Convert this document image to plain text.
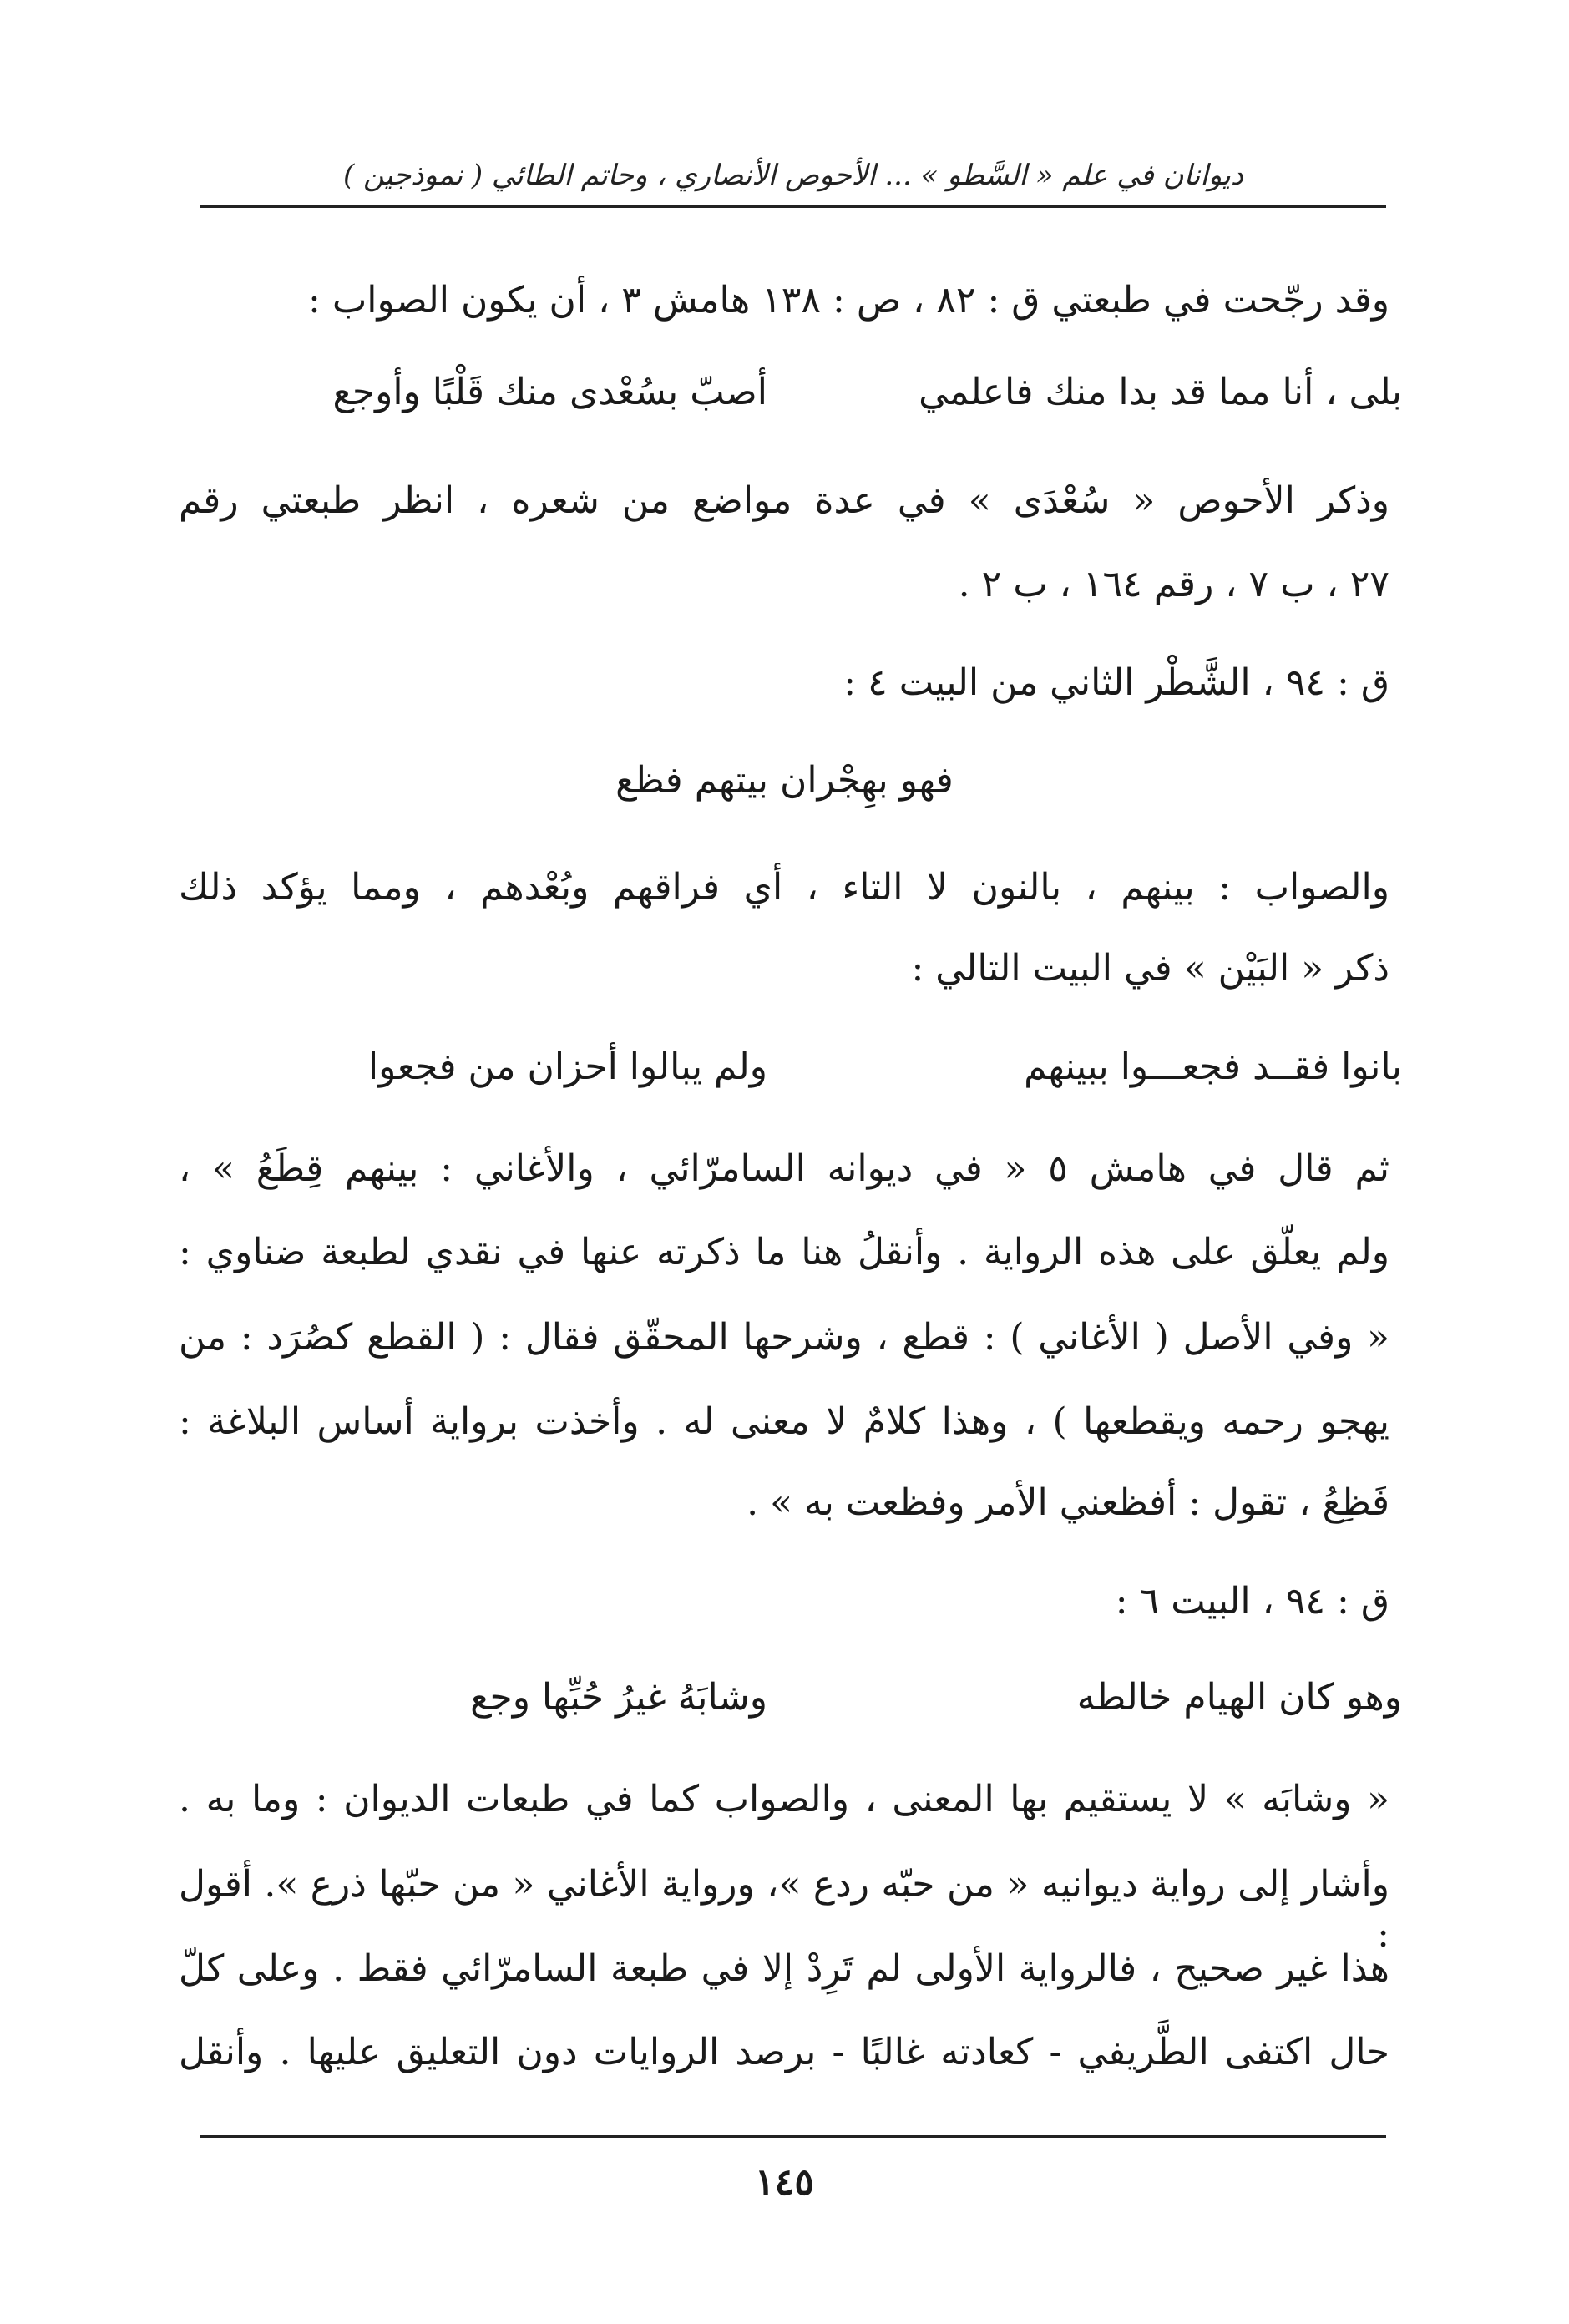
ديوانان في علم « السَّطو » ... الأحوص الأنصاري ، وحاتم الطائي ( نموذجين )
وقد رجّحت في طبعتي ق : ٨٢ ، ص : ١٣٨ هامش ٣ ، أن يكون الصواب :
بلى ، أنا مما قد بدا منك فاعلمي
أصبّ بسُعْدى منك قَلْبًا وأوجع
وذكر الأحوص « سُعْدَى » في عدة مواضع من شعره ، انظر طبعتي رقم
٢٧ ، ب ٧ ، رقم ١٦٤ ، ب ٢ .
ق : ٩٤ ، الشَّطْر الثاني من البيت ٤ :
فهو بهِجْران بيتهم فظع
والصواب : بينهم ، بالنون لا التاء ، أي فراقهم وبُعْدهم ، ومما يؤكد ذلك
ذكر « البَيْن » في البيت التالي :
بانوا فقــد فجعـــوا ببينهم
ولم يبالوا أحزان من فجعوا
ثم قال في هامش ٥ « في ديوانه السامرّائي ، والأغاني : بينهم قِطَعُ » ،
ولم يعلّق على هذه الرواية . وأنقلُ هنا ما ذكرته عنها في نقدي لطبعة ضناوي :
« وفي الأصل ( الأغاني ) : قطع ، وشرحها المحقّق فقال : ( القطع كصُرَد : من
يهجو رحمه ويقطعها ) ، وهذا كلامٌ لا معنى له . وأخذت برواية أساس البلاغة :
فَظِعُ ، تقول : أفظعني الأمر وفظعت به » .
ق : ٩٤ ، البيت ٦ :
وهو كان الهيام خالطه
وشابَهُ غيرُ حُبِّها وجع
« وشابَه » لا يستقيم بها المعنى ، والصواب كما في طبعات الديوان : وما به .
وأشار إلى رواية ديوانيه « من حبّه ردع »، ورواية الأغاني « من حبّها ذرع ». أقول :
هذا غير صحيح ، فالرواية الأولى لم تَرِدْ إلا في طبعة السامرّائي فقط . وعلى كلّ
حال اكتفى الطَّريفي - كعادته غالبًا - برصد الروايات دون التعليق عليها . وأنقل
١٤٥
